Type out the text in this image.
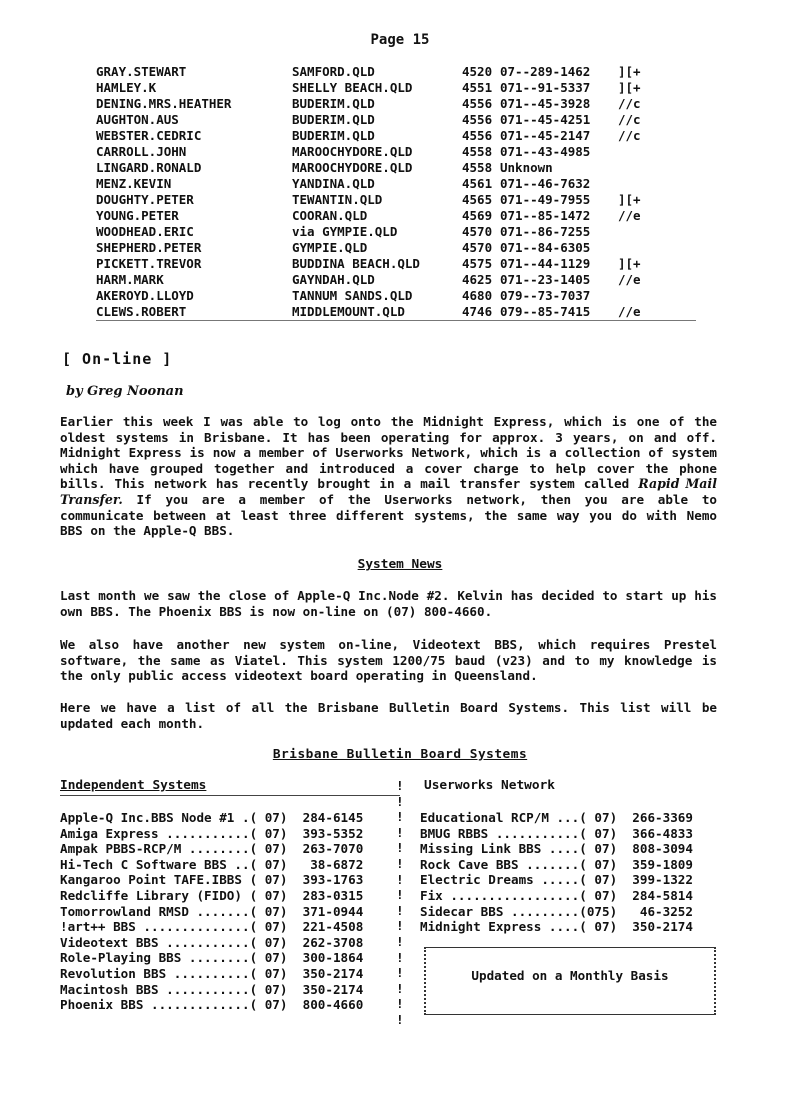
Page 15
GRAY.STEWART	SAMFORD.QLD	4520 07--289-1462	][+
HAMLEY.K	SHELLY BEACH.QLD	4551 071--91-5337	][+
DENING.MRS.HEATHER	BUDERIM.QLD	4556 071--45-3928	//c
AUGHTON.AUS	BUDERIM.QLD	4556 071--45-4251	//c
WEBSTER.CEDRIC	BUDERIM.QLD	4556 071--45-2147	//c
CARROLL.JOHN	MAROOCHYDORE.QLD	4558 071--43-4985
LINGARD.RONALD	MAROOCHYDORE.QLD	4558 Unknown
MENZ.KEVIN	YANDINA.QLD	4561 071--46-7632
DOUGHTY.PETER	TEWANTIN.QLD	4565 071--49-7955	][+
YOUNG.PETER	COORAN.QLD	4569 071--85-1472	//e
WOODHEAD.ERIC	via GYMPIE.QLD	4570 071--86-7255
SHEPHERD.PETER	GYMPIE.QLD	4570 071--84-6305
PICKETT.TREVOR	BUDDINA BEACH.QLD	4575 071--44-1129	][+
HARM.MARK	GAYNDAH.QLD	4625 071--23-1405	//e
AKEROYD.LLOYD	TANNUM SANDS.QLD	4680 079--73-7037
CLEWS.ROBERT	MIDDLEMOUNT.QLD	4746 079--85-7415	//e
[ On-line ]
by Greg Noonan
Earlier this week I was able to log onto the Midnight Express, which is one of the oldest systems in Brisbane. It has been operating for approx. 3 years, on and off. Midnight Express is now a member of Userworks Network, which is a collection of system which have grouped together and introduced a cover charge to help cover the phone bills. This network has recently brought in a mail transfer system called Rapid Mail Transfer. If you are a member of the Userworks network, then you are able to communicate between at least three different systems, the same way you do with Nemo BBS on the Apple-Q BBS.
System News
Last month we saw the close of Apple-Q Inc.Node #2. Kelvin has decided to start up his own BBS. The Phoenix BBS is now on-line on (07) 800-4660.
We also have another new system on-line, Videotext BBS, which requires Prestel software, the same as Viatel. This system 1200/75 baud (v23) and to my knowledge is the only public access videotext board operating in Queensland.
Here we have a list of all the Brisbane Bulletin Board Systems. This list will be updated each month.
Brisbane Bulletin Board Systems
Independent Systems	Userworks Network
!
!
!
!
!
!
!
!
!
!
!
!
!
!
!
!
Apple-Q Inc.BBS Node #1 . ( 07)  284-6145
Amiga Express ........... ( 07)  393-5352
Ampak PBBS-RCP/M ........ ( 07)  263-7070
Hi-Tech C Software BBS .. ( 07)   38-6872
Kangaroo Point TAFE.IBBS ( 07)  393-1763
Redcliffe Library (FIDO) ( 07)  283-0315
Tomorrowland RMSD ....... ( 07)  371-0944
!art++ BBS .............. ( 07)  221-4508
Videotext BBS ........... ( 07)  262-3708
Role-Playing BBS ........ ( 07)  300-1864
Revolution BBS .......... ( 07)  350-2174
Macintosh BBS ........... ( 07)  350-2174
Phoenix BBS ............. ( 07)  800-4660
Educational RCP/M ... ( 07)  266-3369
BMUG RBBS ........... ( 07)  366-4833
Missing Link BBS .... ( 07)  808-3094
Rock Cave BBS ....... ( 07)  359-1809
Electric Dreams ..... ( 07)  399-1322
Fix ................. ( 07)  284-5814
Sidecar BBS ......... (075)   46-3252
Midnight Express .... ( 07)  350-2174
Updated on a Monthly Basis
